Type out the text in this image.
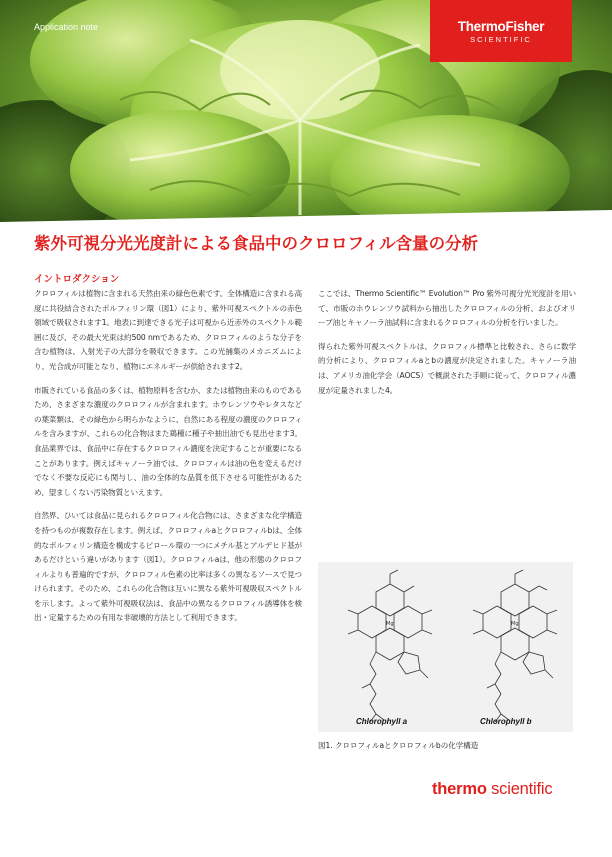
Application note	ThermoFisher
SCIENTIFIC
紫外可視分光光度計による食品中のクロロフィル含量の分析
イントロダクション

クロロフィルは植物に含まれる天然由来の緑色色素です。全体構造に含まれる高度に共役結合されたポルフィリン環（図1）により、紫外可視スペクトルの赤色領域で吸収されます1。地表に到達できる光子は可視から近赤外のスペクトル範囲に及び、その最大光束は約500 nmであるため、クロロフィルのような分子を含む植物は、入射光子の大部分を吸収できます。この光捕集のメカニズムにより、光合成が可能となり、植物にエネルギーが供給されます2。

市販されている食品の多くは、植物原料を含むか、または植物由来のものであるため、さまざまな濃度のクロロフィルが含まれます。ホウレンソウやレタスなどの葉菜類は、その緑色から明らかなように、自然にある程度の濃度のクロロフィルを含みますが、これらの化合物はまた鶏種に種子や抽出油でも見出せます3。食品業界では、食品中に存在するクロロフィル濃度を決定することが重要になることがあります。例えばキャノーラ油では、クロロフィルは油の色を変えるだけでなく不要な反応にも関与し、油の全体的な品質を低下させる可能性があるため、望ましくない汚染物質といえます。

自然界、ひいては食品に見られるクロロフィル化合物には、さまざまな化学構造を持つものが複数存在します。例えば、クロロフィルaとクロロフィルbは、全体的なポルフィリン構造を構成するピロール環の一つにメチル基とアルデヒド基があるだけという違いがあります（図1）。クロロフィルaは、他の形態のクロロフィルよりも普遍的ですが、クロロフィル色素の比率は多くの異なるソースで見つけられます。そのため、これらの化合物は互いに異なる紫外可視吸収スペクトルを示します。よって紫外可視吸収法は、食品中の異なるクロロフィル誘導体を検出・定量するための有用な非破壊的方法として利用できます。

ここでは、Thermo Scientific™ Evolution™ Pro 紫外可視分光光度計を用いて、市販のホウレンソウ試料から抽出したクロロフィルの分析、およびオリーブ油とキャノーラ油試料に含まれるクロロフィルの分析を行いました。

得られた紫外可視スペクトルは、クロロフィル標準と比較され、さらに数学的分析により、クロロフィルaとbの濃度が決定されました。キャノーラ油は、アメリカ油化学会（AOCS）で概説された手順に従って、クロロフィル濃度が定量されました4。

Mg	Mg
Chlorophyll a	Chlorophyll b
図1. クロロフィルaとクロロフィルbの化学構造
thermo scientific
